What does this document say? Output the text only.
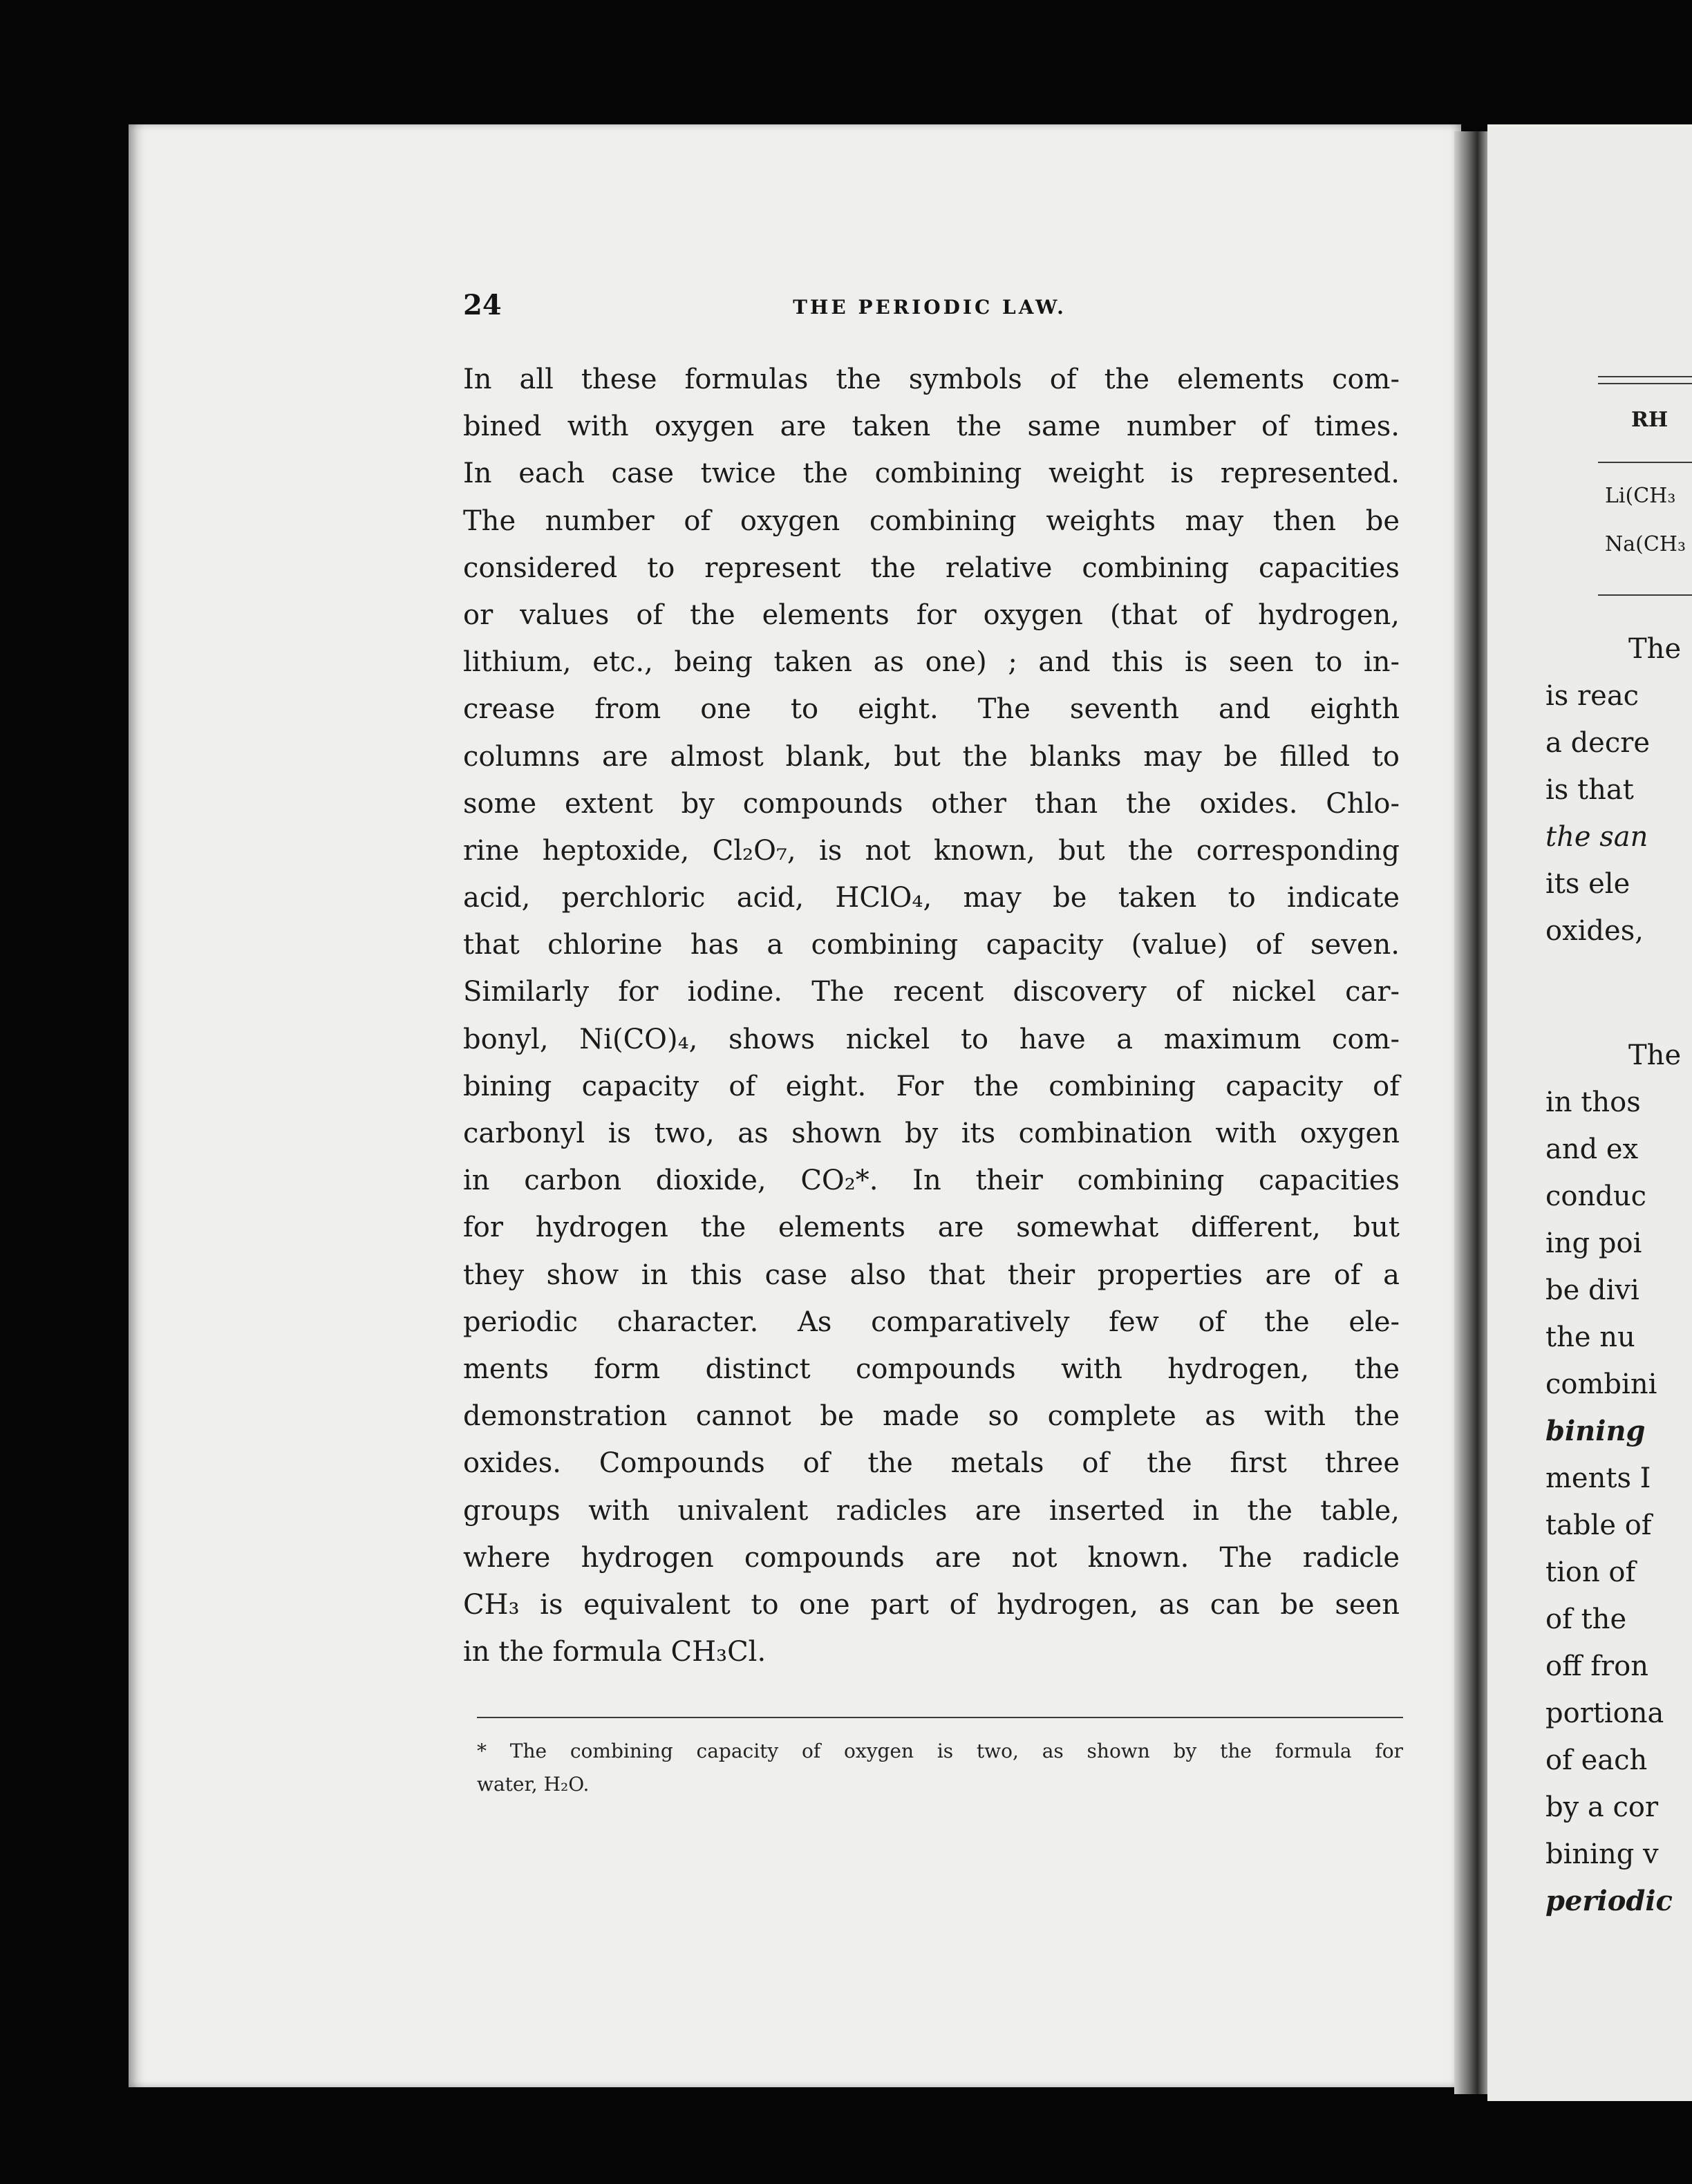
24	THE PERIODIC LAW.
In all these formulas the symbols of the elements com-
bined with oxygen are taken the same number of times.
In each case twice the combining weight is represented.
The number of oxygen combining weights may then be
considered to represent the relative combining capacities
or values of the elements for oxygen (that of hydrogen,
lithium, etc., being taken as one) ; and this is seen to in-
crease from one to eight. The seventh and eighth
columns are almost blank, but the blanks may be filled to
some extent by compounds other than the oxides. Chlo-
rine heptoxide, Cl₂O₇, is not known, but the corresponding
acid, perchloric acid, HClO₄, may be taken to indicate
that chlorine has a combining capacity (value) of seven.
Similarly for iodine. The recent discovery of nickel car-
bonyl, Ni(CO)₄, shows nickel to have a maximum com-
bining capacity of eight. For the combining capacity of
carbonyl is two, as shown by its combination with oxygen
in carbon dioxide, CO₂*. In their combining capacities
for hydrogen the elements are somewhat different, but
they show in this case also that their properties are of a
periodic character. As comparatively few of the ele-
ments form distinct compounds with hydrogen, the
demonstration cannot be made so complete as with the
oxides. Compounds of the metals of the first three
groups with univalent radicles are inserted in the table,
where hydrogen compounds are not known. The radicle
CH₃ is equivalent to one part of hydrogen, as can be seen
in the formula CH₃Cl.
* The combining capacity of oxygen is two, as shown by the formula for
water, H₂O.
RH
Li(CH₃
Na(CH₃
The
is reac
a decre
is that
the san
its ele
oxides,
The
in thos
and ex
conduc
ing poi
be divi
the nu
combini
bining
ments I
table of
tion of
of the
off fron
portiona
of each
by a cor
bining v
periodic
